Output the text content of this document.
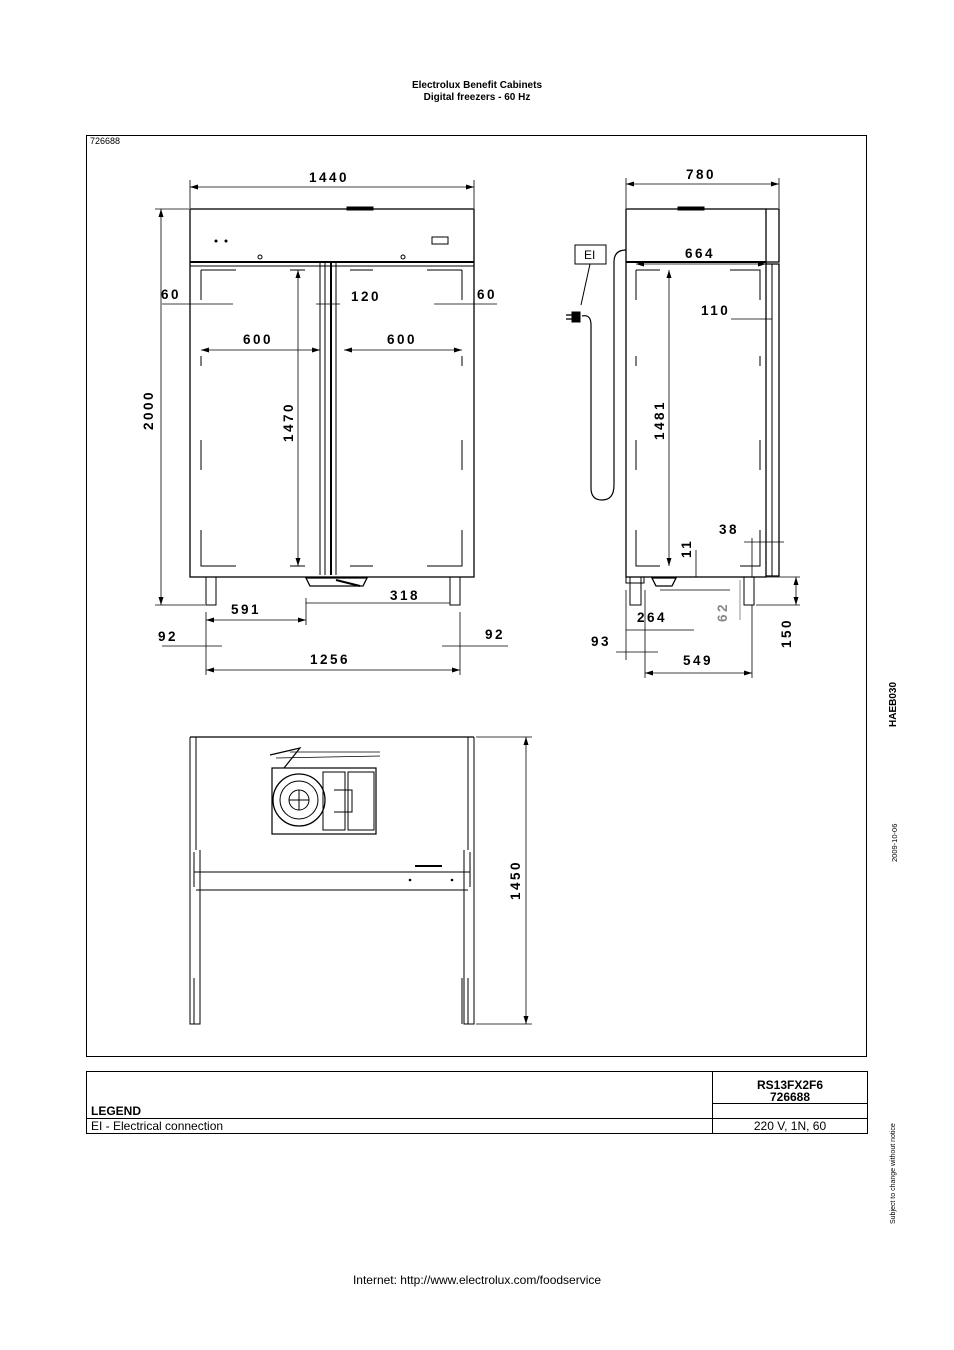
Electrolux Benefit Cabinets
Digital freezers - 60 Hz
726688
1440
2000
60	120	60
600	600
1470
591
318
92	92
1256
780
664
110
1481
11
38
264
93
549
62
150
EI
1450
HAEB030
2009-10-06
Subject to change without notice
LEGEND	RS13FX2F6
726688

EI - Electrical connection	220 V, 1N, 60
Internet: http://www.electrolux.com/foodservice
